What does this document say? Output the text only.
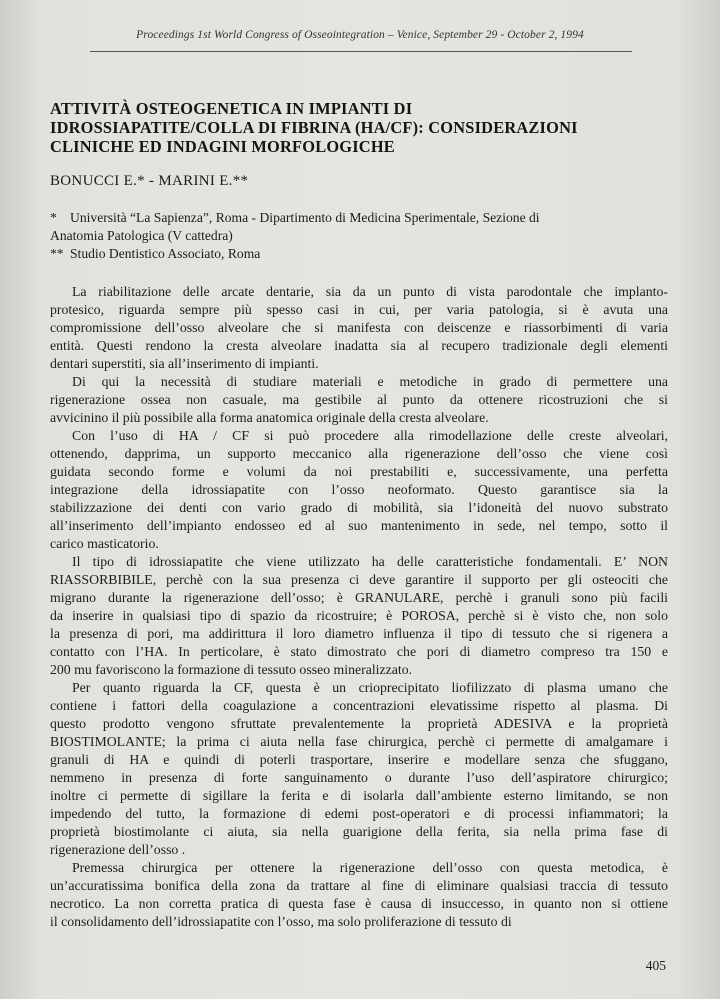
Proceedings 1st World Congress of Osseointegration – Venice, September 29 - October 2, 1994
ATTIVITÀ OSTEOGENETICA IN IMPIANTI DI
IDROSSIAPATITE/COLLA DI FIBRINA (HA/CF): CONSIDERAZIONI
CLINICHE ED INDAGINI MORFOLOGICHE
BONUCCI E.* - MARINI E.**
* Università “La Sapienza”, Roma - Dipartimento di Medicina Sperimentale, Sezione di
Anatomia Patologica (V cattedra)
** Studio Dentistico Associato, Roma
La riabilitazione delle arcate dentarie, sia da un punto di vista parodontale che implanto-
protesico, riguarda sempre più spesso casi in cui, per varia patologia, si è avuta una
compromissione dell’osso alveolare che si manifesta con deiscenze e riassorbimenti di varia
entità. Questi rendono la cresta alveolare inadatta sia al recupero tradizionale degli elementi
dentari superstiti, sia all’inserimento di impianti.
Di qui la necessità di studiare materiali e metodiche in grado di permettere una
rigenerazione ossea non casuale, ma gestibile al punto da ottenere ricostruzioni che si
avvicinino il più possibile alla forma anatomica originale della cresta alveolare.
Con l’uso di HA / CF si può procedere alla rimodellazione delle creste alveolari,
ottenendo, dapprima, un supporto meccanico alla rigenerazione dell’osso che viene così
guidata secondo forme e volumi da noi prestabiliti e, successivamente, una perfetta
integrazione della idrossiapatite con l’osso neoformato. Questo garantisce sia la
stabilizzazione dei denti con vario grado di mobilità, sia l’idoneità del nuovo substrato
all’inserimento dell’impianto endosseo ed al suo mantenimento in sede, nel tempo, sotto il
carico masticatorio.
Il tipo di idrossiapatite che viene utilizzato ha delle caratteristiche fondamentali. E’ NON
RIASSORBIBILE, perchè con la sua presenza ci deve garantire il supporto per gli osteociti che
migrano durante la rigenerazione dell’osso; è GRANULARE, perchè i granuli sono più facili
da inserire in qualsiasi tipo di spazio da ricostruire; è POROSA, perchè si è visto che, non solo
la presenza di pori, ma addirittura il loro diametro influenza il tipo di tessuto che si rigenera a
contatto con l’HA. In perticolare, è stato dimostrato che pori di diametro compreso tra 150 e
200 mu favoriscono la formazione di tessuto osseo mineralizzato.
Per quanto riguarda la CF, questa è un crioprecipitato liofilizzato di plasma umano che
contiene i fattori della coagulazione a concentrazioni elevatissime rispetto al plasma. Di
questo prodotto vengono sfruttate prevalentemente la proprietà ADESIVA e la proprietà
BIOSTIMOLANTE; la prima ci aiuta nella fase chirurgica, perchè ci permette di amalgamare i
granuli di HA e quindi di poterli trasportare, inserire e modellare senza che sfuggano,
nemmeno in presenza di forte sanguinamento o durante l’uso dell’aspiratore chirurgico;
inoltre ci permette di sigillare la ferita e di isolarla dall’ambiente esterno limitando, se non
impedendo del tutto, la formazione di edemi post-operatori e di processi infiammatori; la
proprietà biostimolante ci aiuta, sia nella guarigione della ferita, sia nella prima fase di
rigenerazione dell’osso .
Premessa chirurgica per ottenere la rigenerazione dell’osso con questa metodica, è
un’accuratissima bonifica della zona da trattare al fine di eliminare qualsiasi traccia di tessuto
necrotico. La non corretta pratica di questa fase è causa di insuccesso, in quanto non si ottiene
il consolidamento dell’idrossiapatite con l’osso, ma solo proliferazione di tessuto di
405
